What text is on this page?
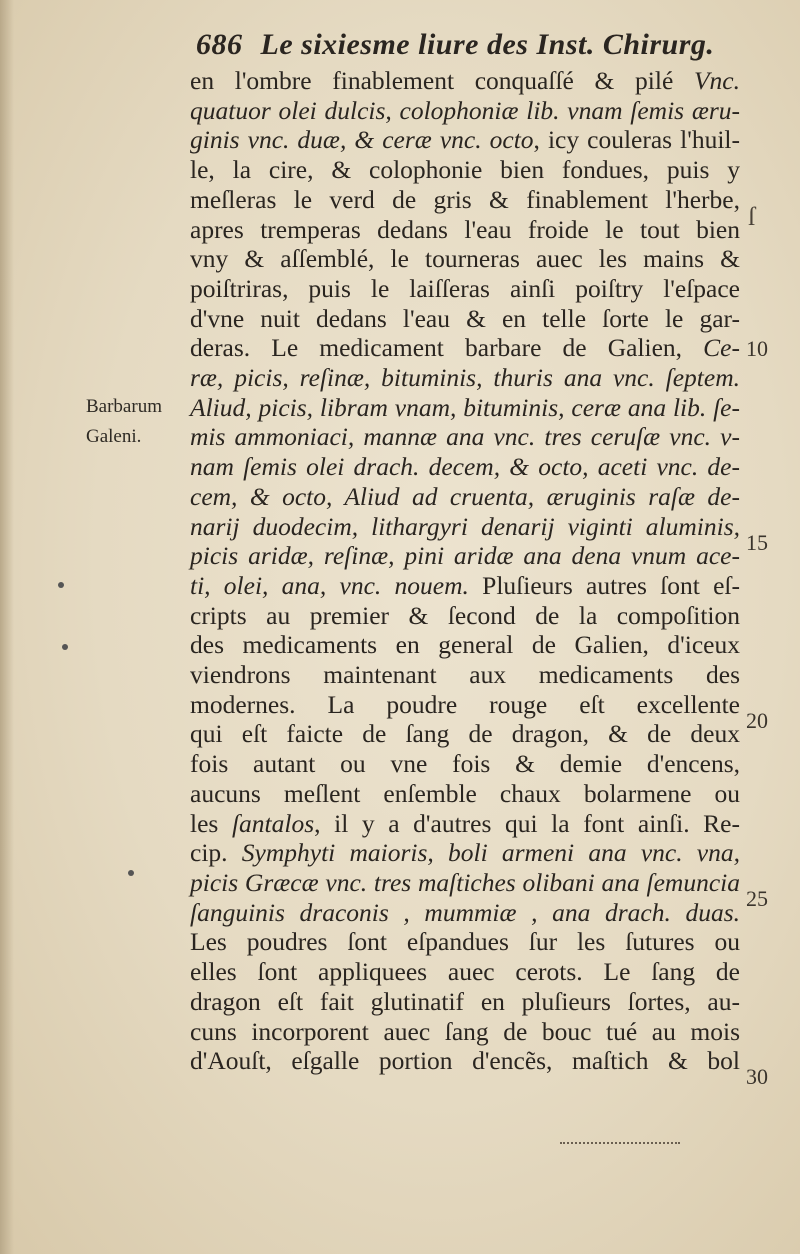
686 Le sixiesme liure des Inst. Chirurg.
Barbarum
Galeni.
en l'ombre finablement conquaſſé & pilé Vnc.
quatuor olei dulcis, colophoniæ lib. vnam ſemis æru-
ginis vnc. duæ, & ceræ vnc. octo, icy couleras l'huil-
le, la cire, & colophonie bien fondues, puis y
meſleras le verd de gris & finablement l'herbe,
apres tremperas dedans l'eau froide le tout bien
vny & aſſemblé, le tourneras auec les mains &
poiſtriras, puis le laiſſeras ainſi poiſtry l'eſpace
d'vne nuit dedans l'eau & en telle ſorte le gar-
deras. Le medicament barbare de Galien, Ce-
ræ, picis, reſinæ, bituminis, thuris ana vnc. ſeptem.
Aliud, picis, libram vnam, bituminis, ceræ ana lib. ſe-
mis ammoniaci, mannæ ana vnc. tres ceruſæ vnc. v-
nam ſemis olei drach. decem, & octo, aceti vnc. de-
cem, & octo, Aliud ad cruenta, æruginis raſæ de-
narij duodecim, lithargyri denarij viginti aluminis,
picis aridæ, reſinæ, pini aridæ ana dena vnum ace-
ti, olei, ana, vnc. nouem. Pluſieurs autres ſont eſ-
cripts au premier & ſecond de la compoſition
des medicaments en general de Galien, d'iceux
viendrons maintenant aux medicaments des
modernes. La poudre rouge eſt excellente
qui eſt faicte de ſang de dragon, & de deux
fois autant ou vne fois & demie d'encens,
aucuns meſlent enſemble chaux bolarmene ou
les ſantalos, il y a d'autres qui la font ainſi. Re-
cip. Symphyti maioris, boli armeni ana vnc. vna,
picis Græcæ vnc. tres maſtiches olibani ana ſemuncia
ſanguinis draconis , mummiæ , ana drach. duas.
Les poudres ſont eſpandues ſur les ſutures ou
elles ſont appliquees auec cerots. Le ſang de
dragon eſt fait glutinatif en pluſieurs ſortes, au-
cuns incorporent auec ſang de bouc tué au mois
d'Aouſt, eſgalle portion d'encẽs, maſtich & bol
10
15
20
25
30
ſ
